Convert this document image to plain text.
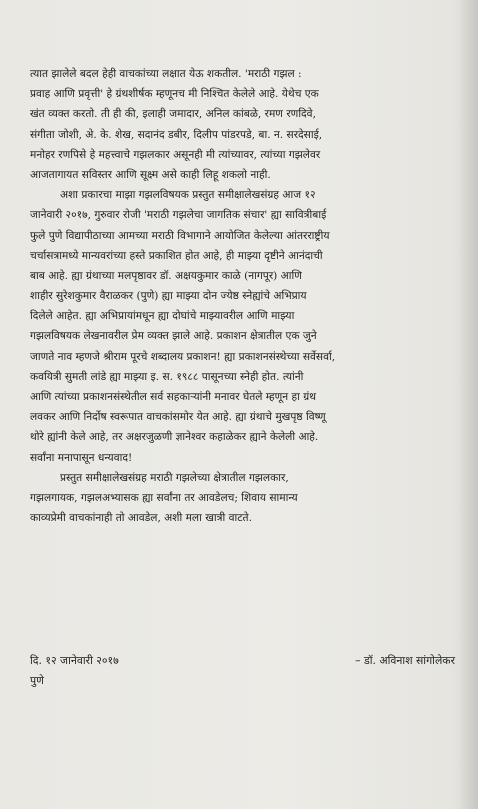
त्यात झालेले बदल हेही वाचकांच्या लक्षात येऊ शकतील. 'मराठी गझल :
प्रवाह आणि प्रवृत्ती' हे ग्रंथशीर्षक म्हणूनच मी निश्चित केलेले आहे. येथेच एक
खंत व्यक्त करतो. ती ही की, इलाही जमादार, अनिल कांबळे, रमण रणदिवे,
संगीता जोशी, अे. के. शेख, सदानंद डबीर, दिलीप पांडरपडे, बा. न. सरदेसाई,
मनोहर रणपिसे हे महत्त्वाचे गझलकार असूनही मी त्यांच्यावर, त्यांच्या गझलेवर
आजतागायत सविस्तर आणि सूक्ष्म असे काही लिहू शकलो नाही.
अशा प्रकारचा माझा गझलविषयक प्रस्तुत समीक्षालेखसंग्रह आज १२
जानेवारी २०१७, गुरुवार रोजी 'मराठी गझलेचा जागतिक संचार' ह्या सावित्रीबाई
फुले पुणे विद्यापीठाच्या आमच्या मराठी विभागाने आयोजित केलेल्या आंतरराष्ट्रीय
चर्चासत्रामध्ये मान्यवरांच्या हस्ते प्रकाशित होत आहे, ही माझ्या दृष्टीने आनंदाची
बाब आहे. ह्या ग्रंथाच्या मलपृष्ठावर डॉ. अक्षयकुमार काळे (नागपूर) आणि
शाहीर सुरेशकुमार वैराळकर (पुणे) ह्या माझ्या दोन ज्येष्ठ स्नेह्यांचे अभिप्राय
दिलेले आहेत. ह्या अभिप्रायांमधून ह्या दोघांचे माझ्यावरील आणि माझ्या
गझलविषयक लेखनावरील प्रेम व्यक्त झाले आहे. प्रकाशन क्षेत्रातील एक जुने
जाणते नाव म्हणजे श्रीराम पूरचे शब्दालय प्रकाशन! ह्या प्रकाशनसंस्थेच्या सर्वेसर्वा,
कवयित्री सुमती लांडे ह्या माझ्या इ. स. १९८८ पासूनच्या स्नेही होत. त्यांनी
आणि त्यांच्या प्रकाशनसंस्थेतील सर्व सहकाऱ्यांनी मनावर घेतले म्हणून हा ग्रंथ
लवकर आणि निर्दोष स्वरूपात वाचकांसमोर येत आहे. ह्या ग्रंथाचे मुखपृष्ठ विष्णू
थोरे ह्यांनी केले आहे, तर अक्षरजुळणी ज्ञानेश्वर कहाळेकर ह्याने केलेली आहे.
सर्वांना मनापासून धन्यवाद!
प्रस्तुत समीक्षालेखसंग्रह मराठी गझलेच्या क्षेत्रातील गझलकार,
गझलगायक, गझलअभ्यासक ह्या सर्वांना तर आवडेलच; शिवाय सामान्य
काव्यप्रेमी वाचकांनाही तो आवडेल, अशी मला खात्री वाटते.
दि. १२ जानेवारी २०१७	– डॉ. अविनाश सांगोलेकर
पुणे
